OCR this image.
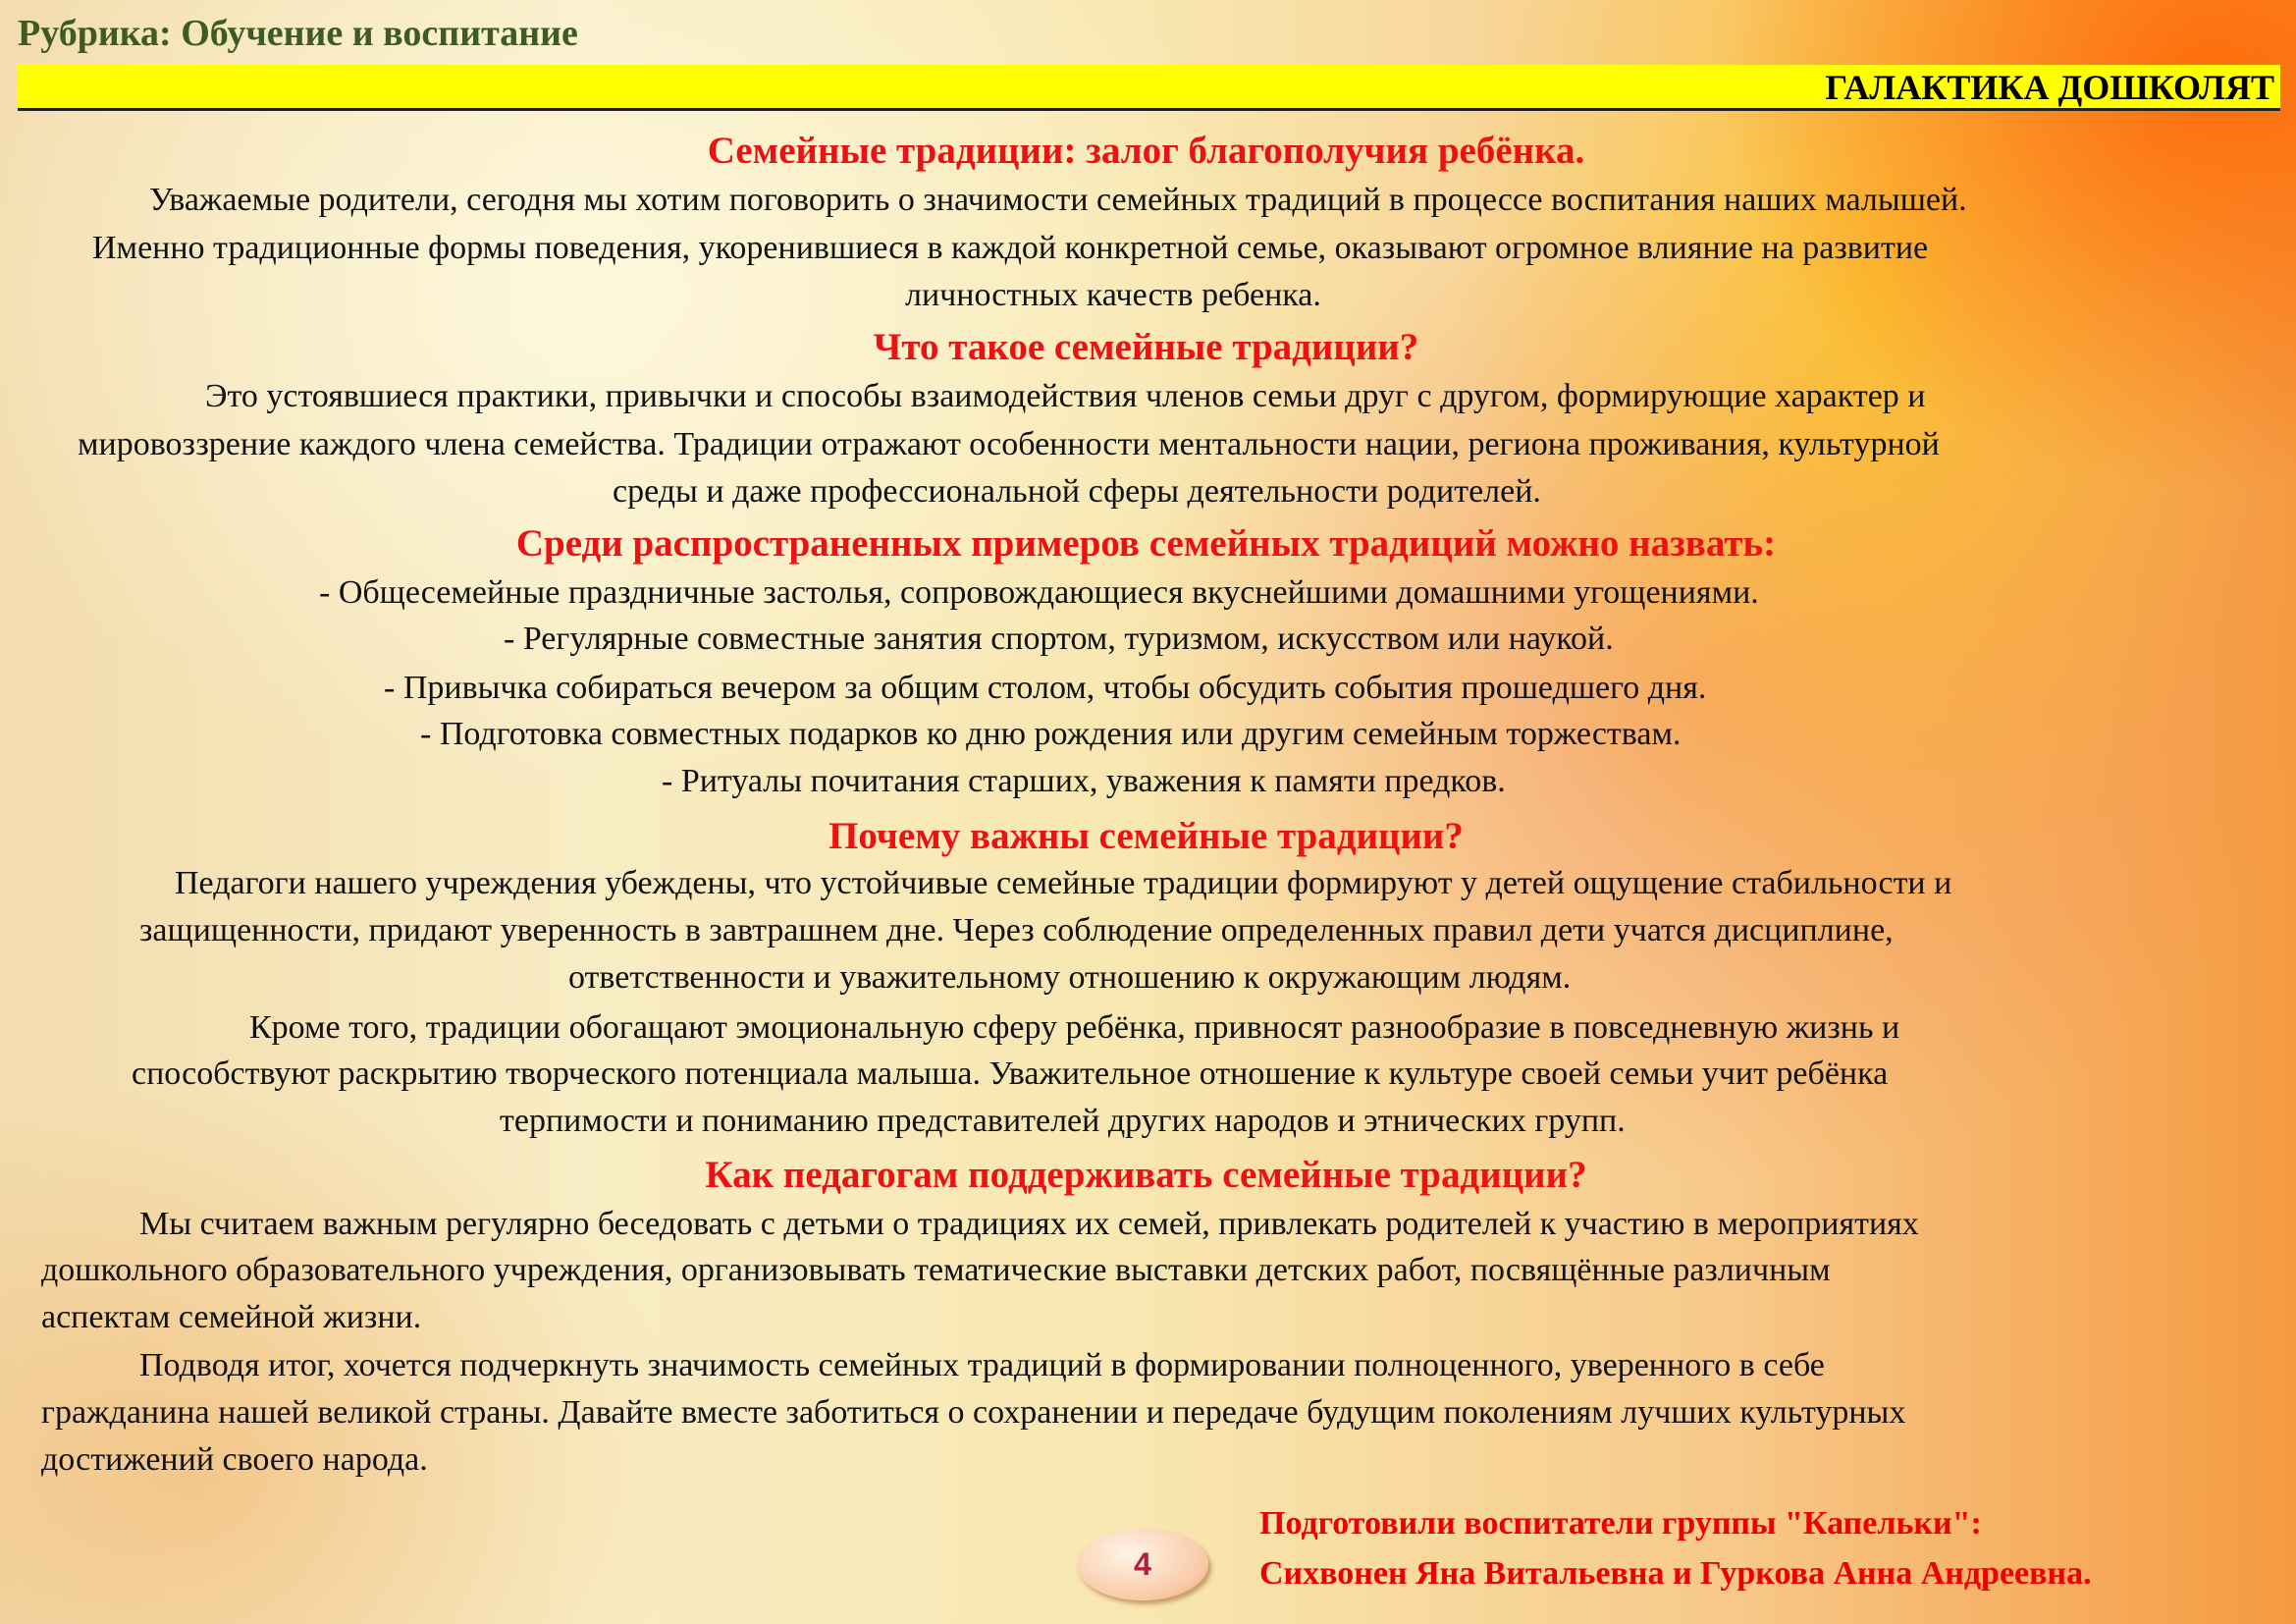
Рубрика: Обучение и воспитание
ГАЛАКТИКА ДОШКОЛЯТ
Семейные традиции: залог благополучия ребёнка.
Уважаемые родители, сегодня мы хотим поговорить о значимости семейных традиций в процессе воспитания наших малышей.
Именно традиционные формы поведения, укоренившиеся в каждой конкретной семье, оказывают огромное влияние на развитие
личностных качеств ребенка.
Что такое семейные традиции?
Это устоявшиеся практики, привычки и способы взаимодействия членов семьи друг с другом, формирующие характер и
мировоззрение каждого члена семейства. Традиции отражают особенности ментальности нации, региона проживания, культурной
среды и даже профессиональной сферы деятельности родителей.
Среди распространенных примеров семейных традиций можно назвать:
- Общесемейные праздничные застолья, сопровождающиеся вкуснейшими домашними угощениями.
- Регулярные совместные занятия спортом, туризмом, искусством или наукой.
- Привычка собираться вечером за общим столом, чтобы обсудить события прошедшего дня.
- Подготовка совместных подарков ко дню рождения или другим семейным торжествам.
- Ритуалы почитания старших, уважения к памяти предков.
Почему важны семейные традиции?
Педагоги нашего учреждения убеждены, что устойчивые семейные традиции формируют у детей ощущение стабильности и
защищенности, придают уверенность в завтрашнем дне. Через соблюдение определенных правил дети учатся дисциплине,
ответственности и уважительному отношению к окружающим людям.
Кроме того, традиции обогащают эмоциональную сферу ребёнка, привносят разнообразие в повседневную жизнь и
способствуют раскрытию творческого потенциала малыша. Уважительное отношение к культуре своей семьи учит ребёнка
терпимости и пониманию представителей других народов и этнических групп.
Как педагогам поддерживать семейные традиции?
Мы считаем важным регулярно беседовать с детьми о традициях их семей, привлекать родителей к участию в мероприятиях
дошкольного образовательного учреждения, организовывать тематические выставки детских работ, посвящённые различным
аспектам семейной жизни.
Подводя итог, хочется подчеркнуть значимость семейных традиций в формировании полноценного, уверенного в себе
гражданина нашей великой страны. Давайте вместе заботиться о сохранении и передаче будущим поколениям лучших культурных
достижений своего народа.
4
Подготовили воспитатели группы "Капельки":
Сихвонен Яна Витальевна и Гуркова Анна Андреевна.
